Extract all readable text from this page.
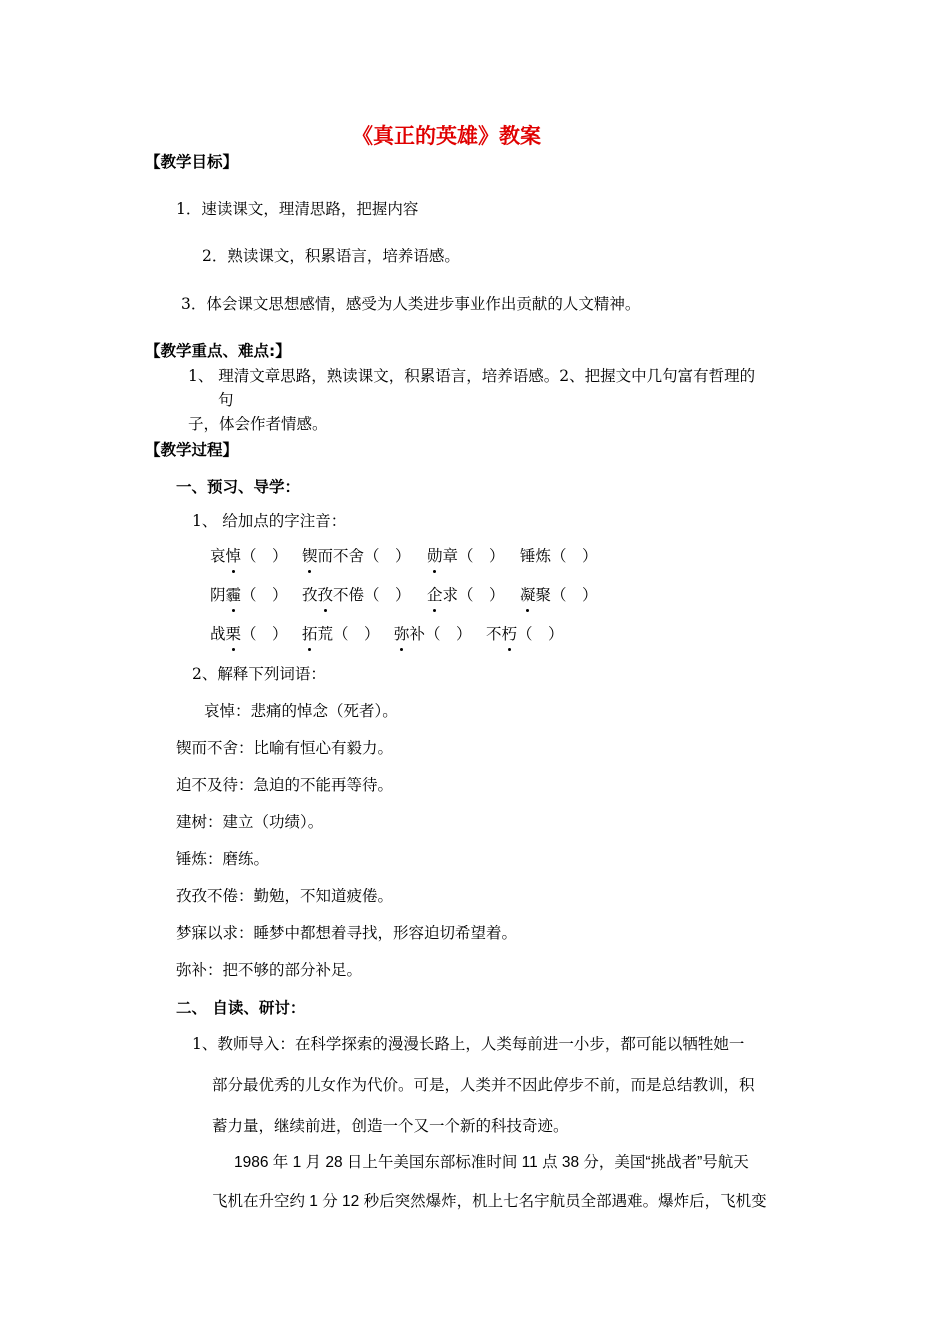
《真正的英雄》教案
【教学目标】
1．速读课文，理清思路，把握内容
2．熟读课文，积累语言，培养语感。
3．体会课文思想感情，感受为人类进步事业作出贡献的人文精神。
【教学重点、难点:】
1、 理清文章思路，熟读课文，积累语言，培养语感。2、把握文中几句富有哲理的
句
子，体会作者情感。
【教学过程】
一、预习、导学：
1、 给加点的字注音：
哀悼（　） 锲而不舍（　） 勋章（　） 锤炼（　）
阴霾（　） 孜孜不倦（　） 企求（　） 凝聚（　）
战栗（　） 拓荒（　） 弥补（　） 不朽（　）
2、解释下列词语：
哀悼：悲痛的悼念（死者）。
锲而不舍：比喻有恒心有毅力。
迫不及待：急迫的不能再等待。
建树：建立（功绩）。
锤炼：磨练。
孜孜不倦：勤勉，不知道疲倦。
梦寐以求：睡梦中都想着寻找，形容迫切希望着。
弥补：把不够的部分补足。
二、 自读、研讨：
1、教师导入：在科学探索的漫漫长路上，人类每前进一小步，都可能以牺牲她一
部分最优秀的儿女作为代价。可是，人类并不因此停步不前，而是总结教训，积
蓄力量，继续前进，创造一个又一个新的科技奇迹。
1986 年 1 月 28 日上午美国东部标准时间 11 点 38 分，美国“挑战者”号航天
飞机在升空约 1 分 12 秒后突然爆炸，机上七名宇航员全部遇难。爆炸后，飞机变
